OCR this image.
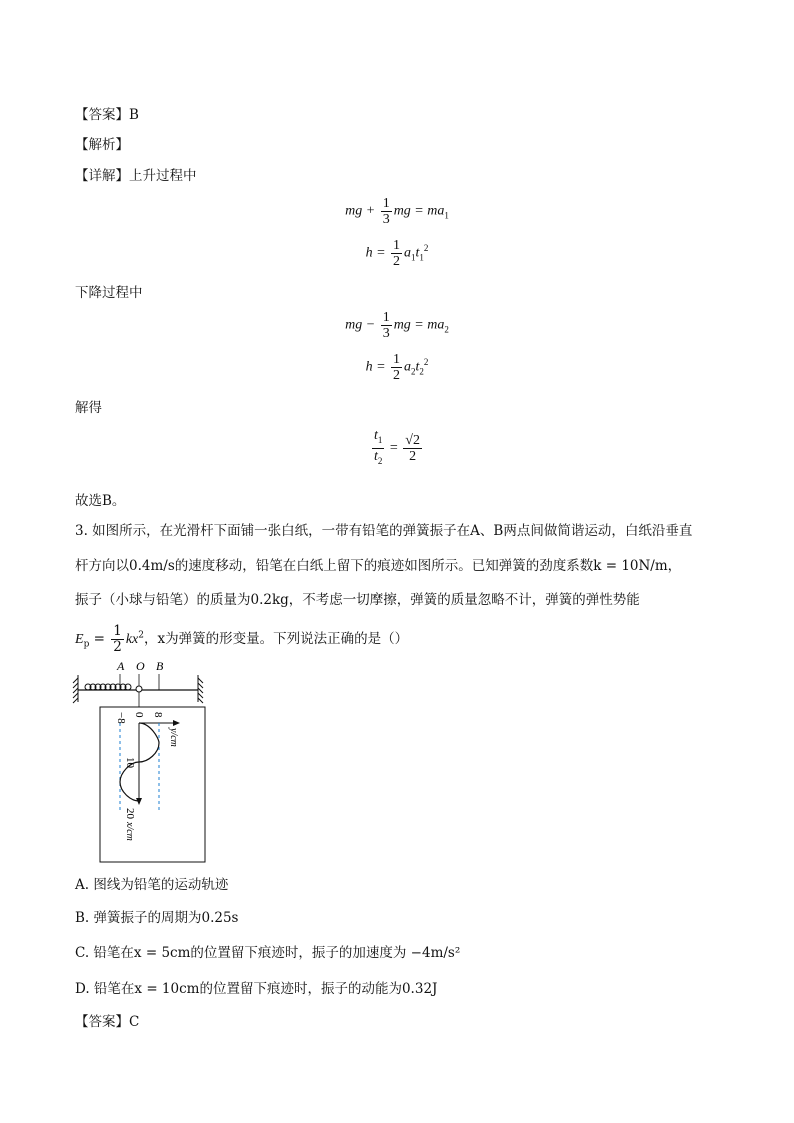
【答案】B
【解析】
【详解】上升过程中
mg + $\frac{1}{3}$ mg = $ma_1$
$h = \frac{1}{2} a_1t_1^2$
下降过程中
mg − $\frac{1}{3}$ mg = $ma_2$
$h = \frac{1}{2} a_2t_2^2$
解得
$\frac{t_1}{t_2} = \frac{√2}{2}$
故选B。
3. 如图所示，在光滑杆下面铺一张白纸，一带有铅笔的弹簧振子在A、B两点间做简谐运动，白纸沿垂直
杆方向以0.4m/s的速度移动，铅笔在白纸上留下的痕迹如图所示。已知弹簧的劲度系数k = 10N/m，
振子（小球与铅笔）的质量为0.2kg，不考虑一切摩擦，弹簧的质量忽略不计，弹簧的弹性势能
$E_p = \frac{1}{2} kx^2$，x为弹簧的形变量。下列说法正确的是（）
A O B
−8 0 8
y/cm
10
20
x/cm
A. 图线为铅笔的运动轨迹
B. 弹簧振子的周期为0.25s
C. 铅笔在x = 5cm的位置留下痕迹时，振子的加速度为 −4m/s²
D. 铅笔在x = 10cm的位置留下痕迹时，振子的动能为0.32J
【答案】C
